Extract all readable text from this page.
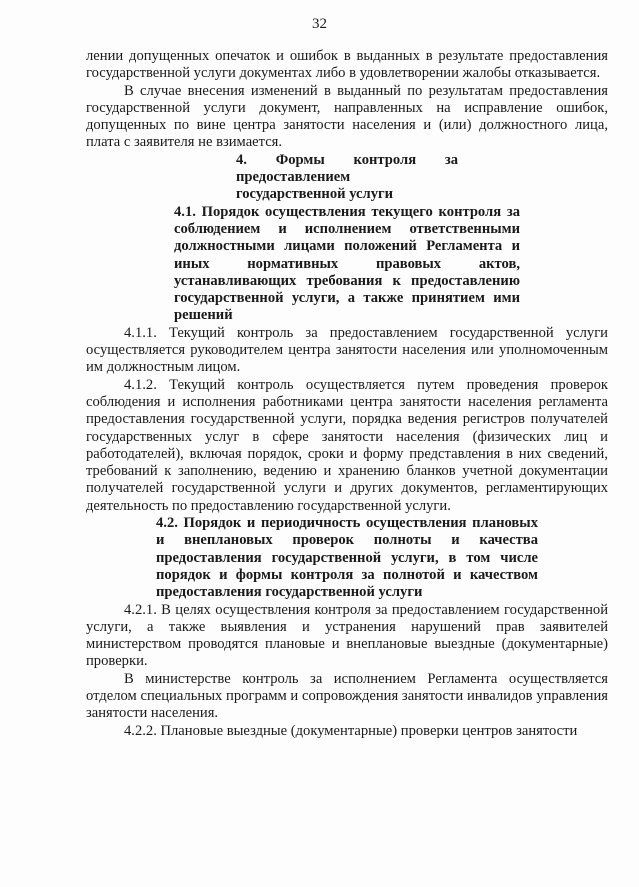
32

лении допущенных опечаток и ошибок в выданных в результате предоставления государственной услуги документах либо в удовлетворении жалобы отказывается.

В случае внесения изменений в выданный по результатам предоставления государственной услуги документ, направленных на исправление ошибок, допущенных по вине центра занятости населения и (или) должностного лица, плата с заявителя не взимается.

4. Формы контроля за предоставлением государственной услуги

4.1. Порядок осуществления текущего контроля за соблюдением и исполнением ответственными должностными лицами положений Регламента и иных нормативных правовых актов, устанавливающих требования к предоставлению государственной услуги, а также принятием ими решений

4.1.1. Текущий контроль за предоставлением государственной услуги осуществляется руководителем центра занятости населения или уполномоченным им должностным лицом.

4.1.2. Текущий контроль осуществляется путем проведения проверок соблюдения и исполнения работниками центра занятости населения регламента предоставления государственной услуги, порядка ведения регистров получателей государственных услуг в сфере занятости населения (физических лиц и работодателей), включая порядок, сроки и форму представления в них сведений, требований к заполнению, ведению и хранению бланков учетной документации получателей государственной услуги и других документов, регламентирующих деятельность по предоставлению государственной услуги.

4.2. Порядок и периодичность осуществления плановых и внеплановых проверок полноты и качества предоставления государственной услуги, в том числе порядок и формы контроля за полнотой и качеством предоставления государственной услуги

4.2.1. В целях осуществления контроля за предоставлением государственной услуги, а также выявления и устранения нарушений прав заявителей министерством проводятся плановые и внеплановые выездные (документарные) проверки.

В министерстве контроль за исполнением Регламента осуществляется отделом специальных программ и сопровождения занятости инвалидов управления занятости населения.

4.2.2. Плановые выездные (документарные) проверки центров занятости
